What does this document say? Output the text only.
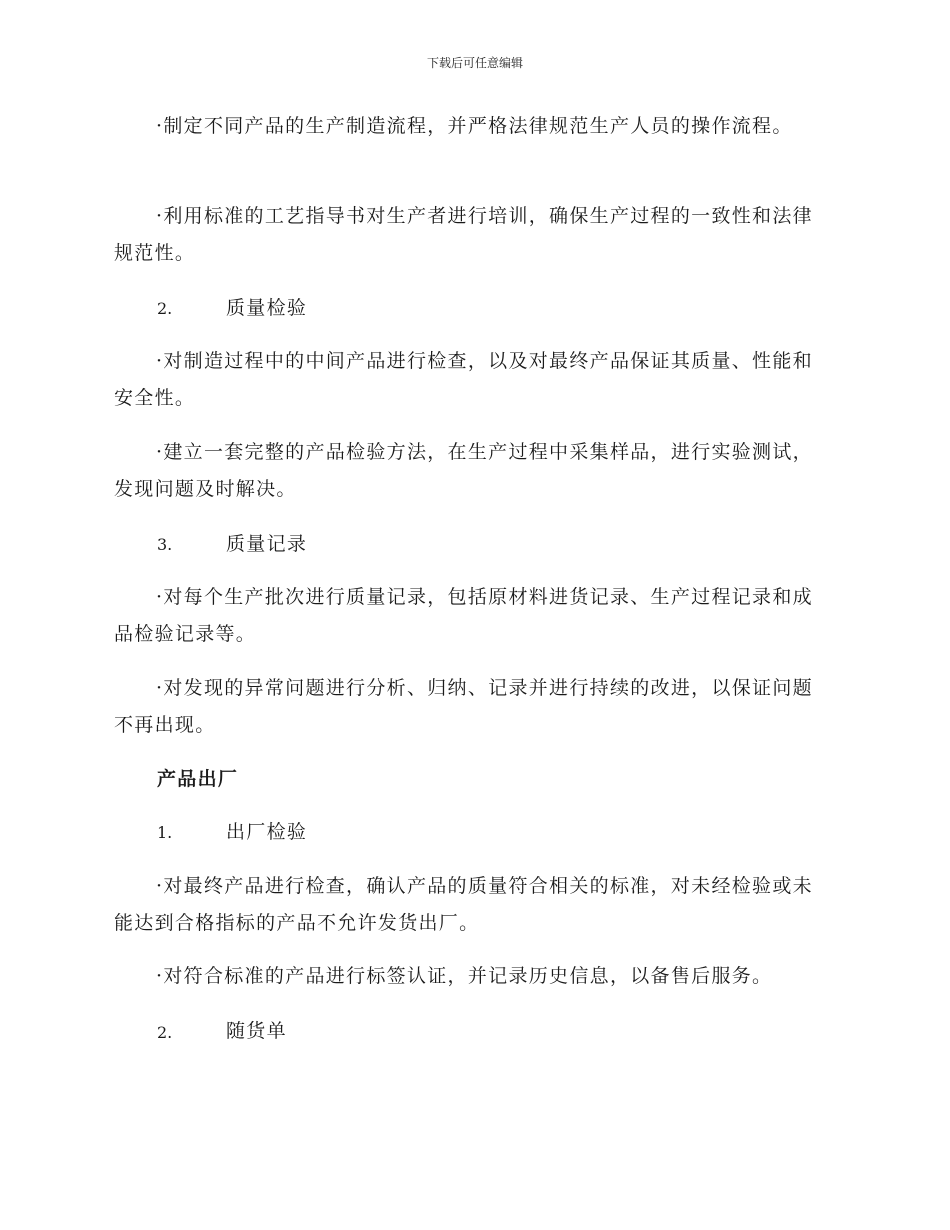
下载后可任意编辑

·制定不同产品的生产制造流程，并严格法律规范生产人员的操作流程。

·利用标准的工艺指导书对生产者进行培训，确保生产过程的一致性和法律规范性。

2.	质量检验

·对制造过程中的中间产品进行检查，以及对最终产品保证其质量、性能和安全性。

·建立一套完整的产品检验方法，在生产过程中采集样品，进行实验测试，发现问题及时解决。

3.	质量记录

·对每个生产批次进行质量记录，包括原材料进货记录、生产过程记录和成品检验记录等。

·对发现的异常问题进行分析、归纳、记录并进行持续的改进，以保证问题不再出现。

产品出厂
1.	出厂检验

·对最终产品进行检查，确认产品的质量符合相关的标准，对未经检验或未能达到合格指标的产品不允许发货出厂。

·对符合标准的产品进行标签认证，并记录历史信息，以备售后服务。

2.	随货单
